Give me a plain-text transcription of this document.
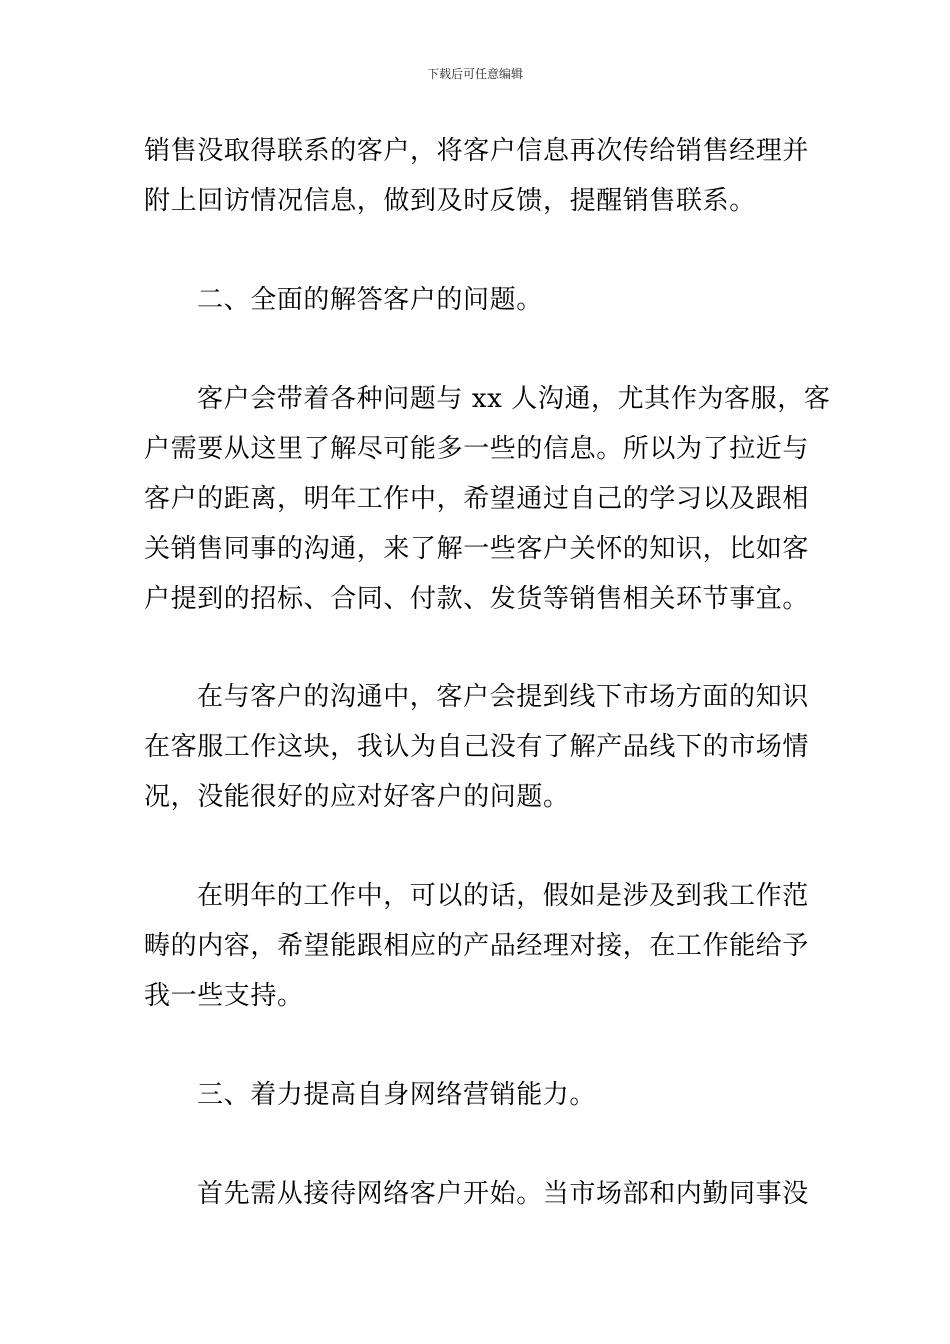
下载后可任意编辑
销售没取得联系的客户，将客户信息再次传给销售经理并
附上回访情况信息，做到及时反馈，提醒销售联系。
二、全面的解答客户的问题。
客户会带着各种问题与 xx 人沟通，尤其作为客服，客
户需要从这里了解尽可能多一些的信息。所以为了拉近与
客户的距离，明年工作中，希望通过自己的学习以及跟相
关销售同事的沟通，来了解一些客户关怀的知识，比如客
户提到的招标、合同、付款、发货等销售相关环节事宜。
在与客户的沟通中，客户会提到线下市场方面的知识
在客服工作这块，我认为自己没有了解产品线下的市场情
况，没能很好的应对好客户的问题。
在明年的工作中，可以的话，假如是涉及到我工作范
畴的内容，希望能跟相应的产品经理对接，在工作能给予
我一些支持。
三、着力提高自身网络营销能力。
首先需从接待网络客户开始。当市场部和内勤同事没
